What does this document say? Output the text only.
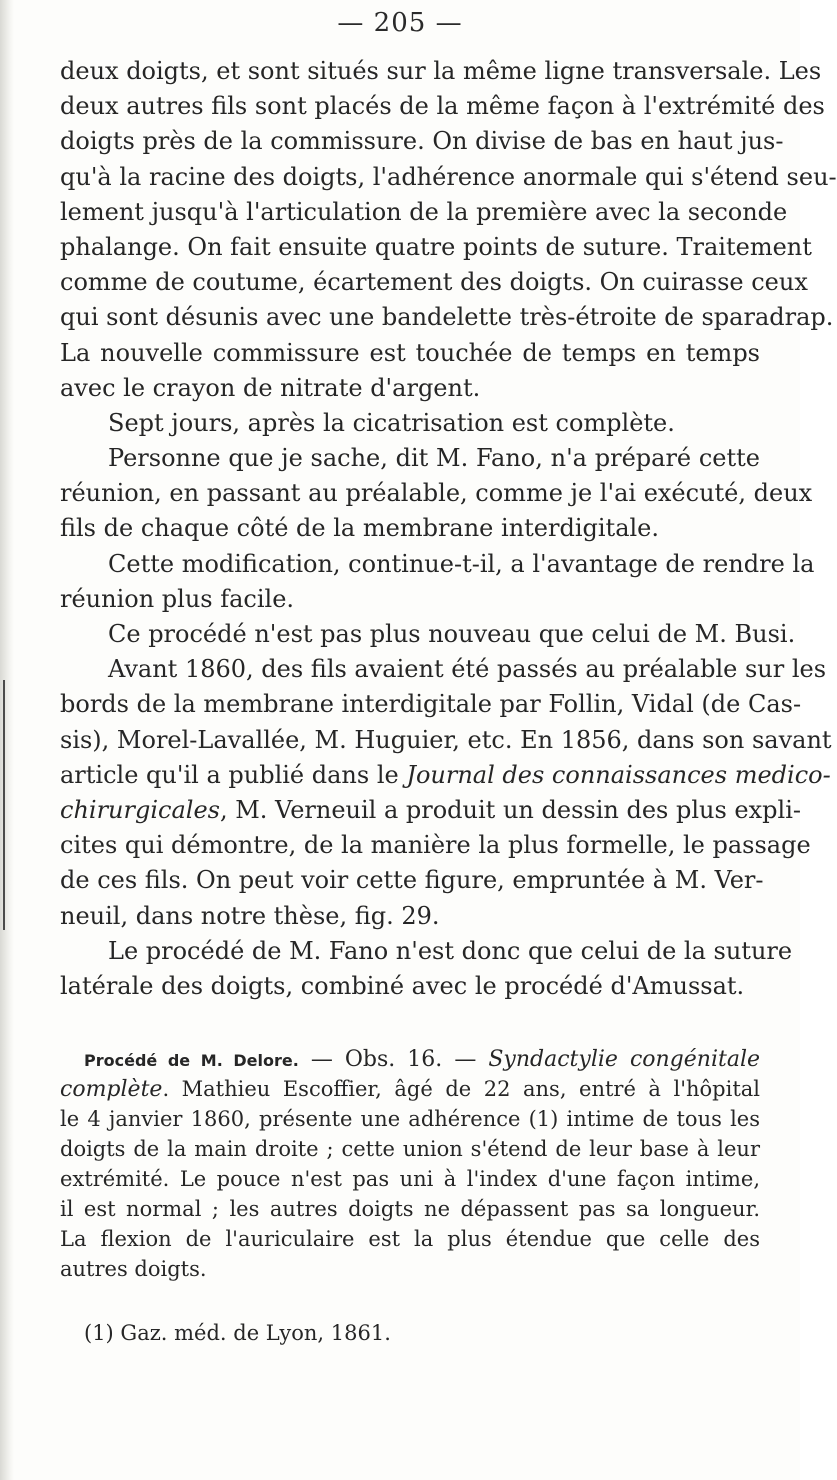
— 205 —
deux doigts, et sont situés sur la même ligne transversale. Les
deux autres fils sont placés de la même façon à l'extrémité des
doigts près de la commissure. On divise de bas en haut jus-
qu'à la racine des doigts, l'adhérence anormale qui s'étend seu-
lement jusqu'à l'articulation de la première avec la seconde
phalange. On fait ensuite quatre points de suture. Traitement
comme de coutume, écartement des doigts. On cuirasse ceux
qui sont désunis avec une bandelette très-étroite de sparadrap.
La nouvelle commissure est touchée de temps en temps
avec le crayon de nitrate d'argent.
Sept jours, après la cicatrisation est complète.
Personne que je sache, dit M. Fano, n'a préparé cette
réunion, en passant au préalable, comme je l'ai exécuté, deux
fils de chaque côté de la membrane interdigitale.
Cette modification, continue-t-il, a l'avantage de rendre la
réunion plus facile.
Ce procédé n'est pas plus nouveau que celui de M. Busi.
Avant 1860, des fils avaient été passés au préalable sur les
bords de la membrane interdigitale par Follin, Vidal (de Cas-
sis), Morel-Lavallée, M. Huguier, etc. En 1856, dans son savant
article qu'il a publié dans le Journal des connaissances medico-
chirurgicales, M. Verneuil a produit un dessin des plus expli-
cites qui démontre, de la manière la plus formelle, le passage
de ces fils. On peut voir cette figure, empruntée à M. Ver-
neuil, dans notre thèse, fig. 29.
Le procédé de M. Fano n'est donc que celui de la suture
latérale des doigts, combiné avec le procédé d'Amussat.
Procédé de M. Delore. — Obs. 16. — Syndactylie congénitale
complète. Mathieu Escoffier, âgé de 22 ans, entré à l'hôpital
le 4 janvier 1860, présente une adhérence (1) intime de tous les
doigts de la main droite ; cette union s'étend de leur base à leur
extrémité. Le pouce n'est pas uni à l'index d'une façon intime,
il est normal ; les autres doigts ne dépassent pas sa longueur.
La flexion de l'auriculaire est la plus étendue que celle des
autres doigts.
(1) Gaz. méd. de Lyon, 1861.
